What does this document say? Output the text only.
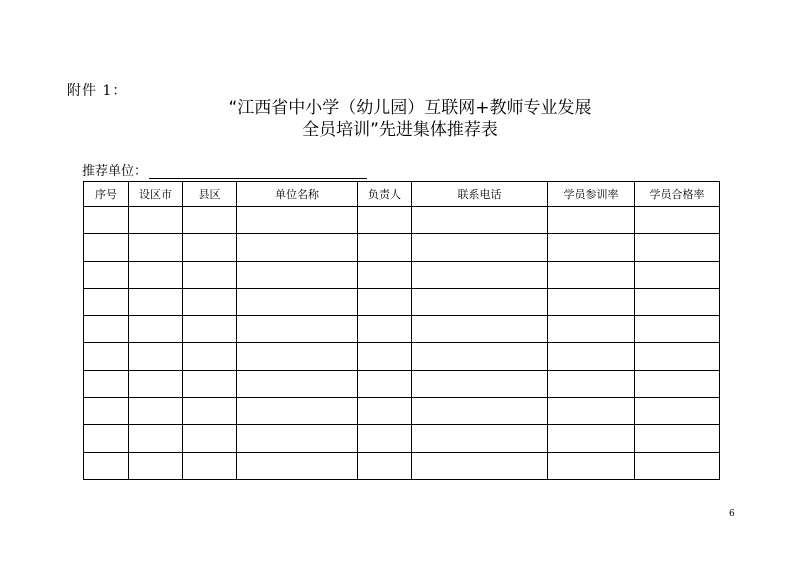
附件 1：
“江西省中小学（幼儿园）互联网+教师专业发展
全员培训”先进集体推荐表
推荐单位：
序号	设区市	县区	单位名称	负责人	联系电话	学员参训率	学员合格率

6
